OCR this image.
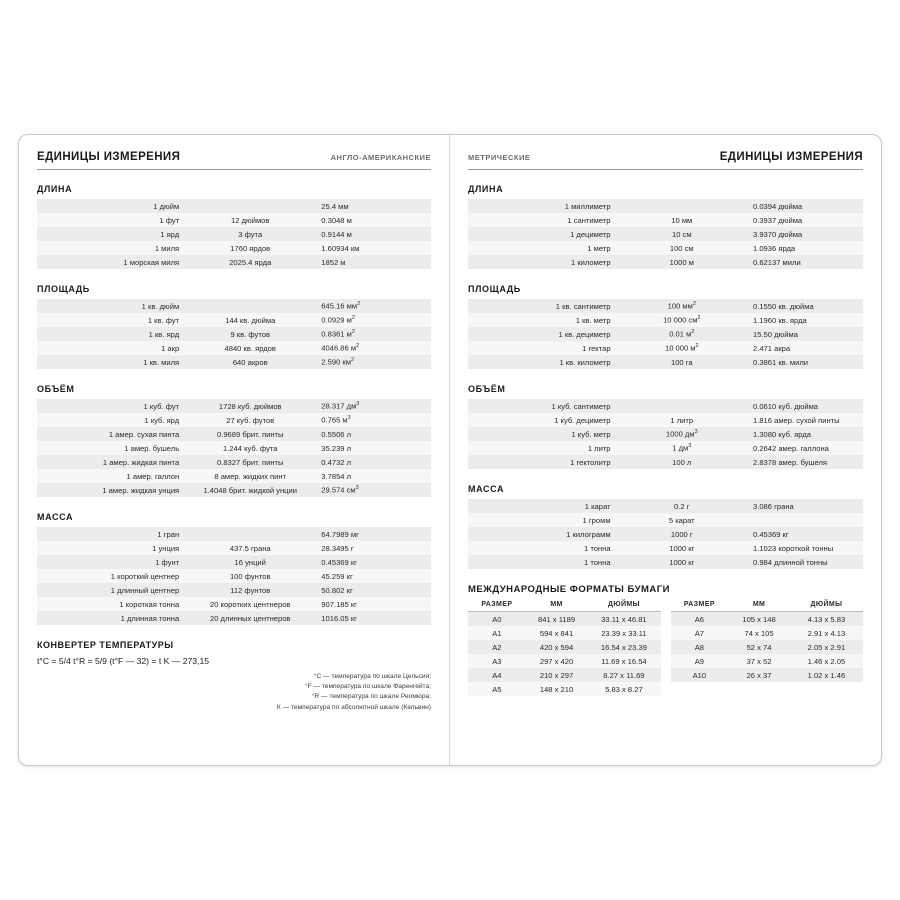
ЕДИНИЦЫ ИЗМЕРЕНИЯ	АНГЛО-АМЕРИКАНСКИЕ
ДЛИНА
1 дюйм		25.4 мм
1 фут	12 дюймов	0.3048 м
1 ярд	3 фута	0.9144 м
1 миля	1760 ярдов	1.60934 км
1 морская миля	2025.4 ярда	1852 м
ПЛОЩАДЬ
1 кв. дюйм		645.16 $мм^2$
1 кв. фут	144 кв. дюйма	0.0929 $м^2$
1 кв. ярд	9 кв. футов	0.8361 $м^2$
1 акр	4840 кв. ярдов	4046.86 $м^2$
1 кв. миля	640 акров	2.590 $км^2$
ОБЪЁМ
1 куб. фут	1728 куб. дюймов	28.317 $дм^3$
1 куб. ярд	27 куб. футов	0.765 $м^3$
1 амер. сухая пинта	0.9689 брит. пинты	0.5506 л
1 амер. бушель	1.244 куб. фута	35.239 л
1 амер. жидкая пинта	0.8327 брит. пинты	0.4732 л
1 амер. галлон	8 амер. жидких пинт	3.7854 л
1 амер. жидкая унция	1.4048 брит. жидкой унции	29.574 $см^3$
МАССА
1 гран		64.7989 мг
1 унция	437.5 грана	28.3495 г
1 фунт	16 унций	0.45369 кг
1 короткий центнер	100 фунтов	45.259 кг
1 длинный центнер	112 фунтов	50.802 кг
1 короткая тонна	20 коротких центнеров	907.185 кг
1 длинная тонна	20 длинных центнеров	1016.05 кг
КОНВЕРТЕР ТЕМПЕРАТУРЫ
t°C = 5/4 t°R = 5/9 (t°F — 32) = t K — 273,15
°С — температура по шкале Цельсия;
°F — температура по шкале Фаренгейта;
°R — температура по шкале Реомюра;
К — температура по абсолютной шкале (Кельвин)
ЕДИНИЦЫ ИЗМЕРЕНИЯ
МЕТРИЧЕСКИЕ
ДЛИНА
1 миллиметр		0.0394 дюйма
1 сантиметр	10 мм	0.3937 дюйма
1 дециметр	10 см	3.9370 дюйма
1 метр	100 см	1.0936 ярда
1 километр	1000 м	0.62137 мили
ПЛОЩАДЬ
1 кв. сантиметр	100 $мм^2$	0.1550 кв. дюйма
1 кв. метр	10 000 $см^2$	1.1960 кв. ярда
1 кв. дециметр	0.01 $м^2$	15.50 дюйма
1 гектар	10 000 $м^2$	2.471 акра
1 кв. километр	100 га	0.3861 кв. мили
ОБЪЁМ
1 куб. сантиметр		0.0610 куб. дюйма
1 куб. дециметр	1 литр	1.816 амер. сухой пинты
1 куб. метр	1000 $дм^3$	1.3080 куб. ярда
1 литр	1 $дм^3$	0.2642 амер. галлона
1 гектолитр	100 л	2.8378 амер. бушеля
МАССА
1 карат	0.2 г	3.086 грана
1 громм	5 карат	
1 килограмм	1000 г	0.45369 кг
1 тонна	1000 кг	1.1023 короткой тонны
1 тонна	1000 кг	0.984 длинной тонны
МЕЖДУНАРОДНЫЕ ФОРМАТЫ БУМАГИ
РАЗМЕР	ММ	ДЮЙМЫ
A0	841 x 1189	33.11 x 46.81
A1	594 x 841	23.39 x 33.11
A2	420 x 594	16.54 x 23.39
A3	297 x 420	11.69 x 16.54
A4	210 x 297	8.27 x 11.69
A5	148 x 210	5.83 x 8.27
РАЗМЕР	ММ	ДЮЙМЫ
A6	105 x 148	4.13 x 5.83
A7	74 x 105	2.91 x 4.13
A8	52 x 74	2.05 x 2.91
A9	37 x 52	1.46 x 2.05
A10	26 x 37	1.02 x 1.46
